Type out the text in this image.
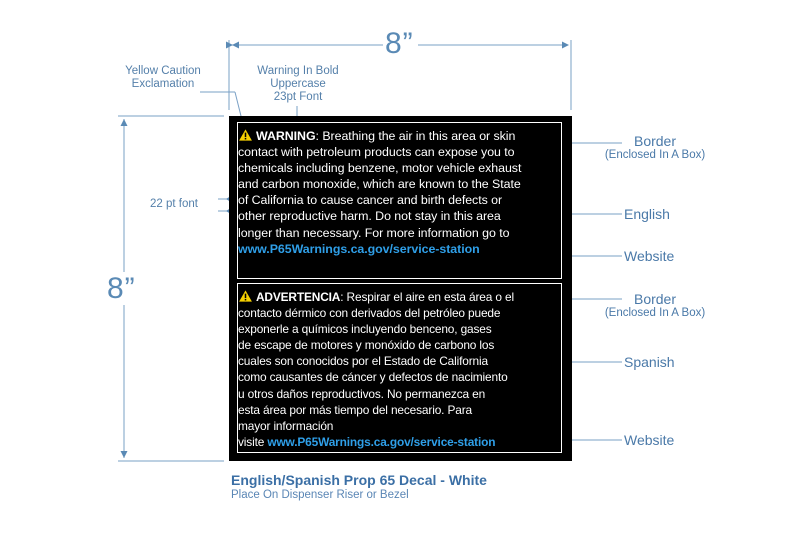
8”
8”
Yellow Caution
Exclamation
Warning In Bold
Uppercase
23pt Font
22 pt font
Border
(Enclosed In A Box)
English
Website
Border
(Enclosed In A Box)
Spanish
Website
WARNING: Breathing the air in this area or skin
contact with petroleum products can expose you to
chemicals including benzene, motor vehicle exhaust
and carbon monoxide, which are known to the State
of California to cause cancer and birth defects or
other reproductive harm. Do not stay in this area
longer than necessary. For more information go to
www.P65Warnings.ca.gov/service-station
ADVERTENCIA: Respirar el aire en esta área o el
contacto dérmico con derivados del petróleo puede
exponerle a químicos incluyendo benceno, gases
de escape de motores y monóxido de carbono los
cuales son conocidos por el Estado de California
como causantes de cáncer y defectos de nacimiento
u otros daños reproductivos. No permanezca en
esta área por más tiempo del necesario. Para
mayor información
visite www.P65Warnings.ca.gov/service-station
English/Spanish Prop 65 Decal - White
Place On Dispenser Riser or Bezel
